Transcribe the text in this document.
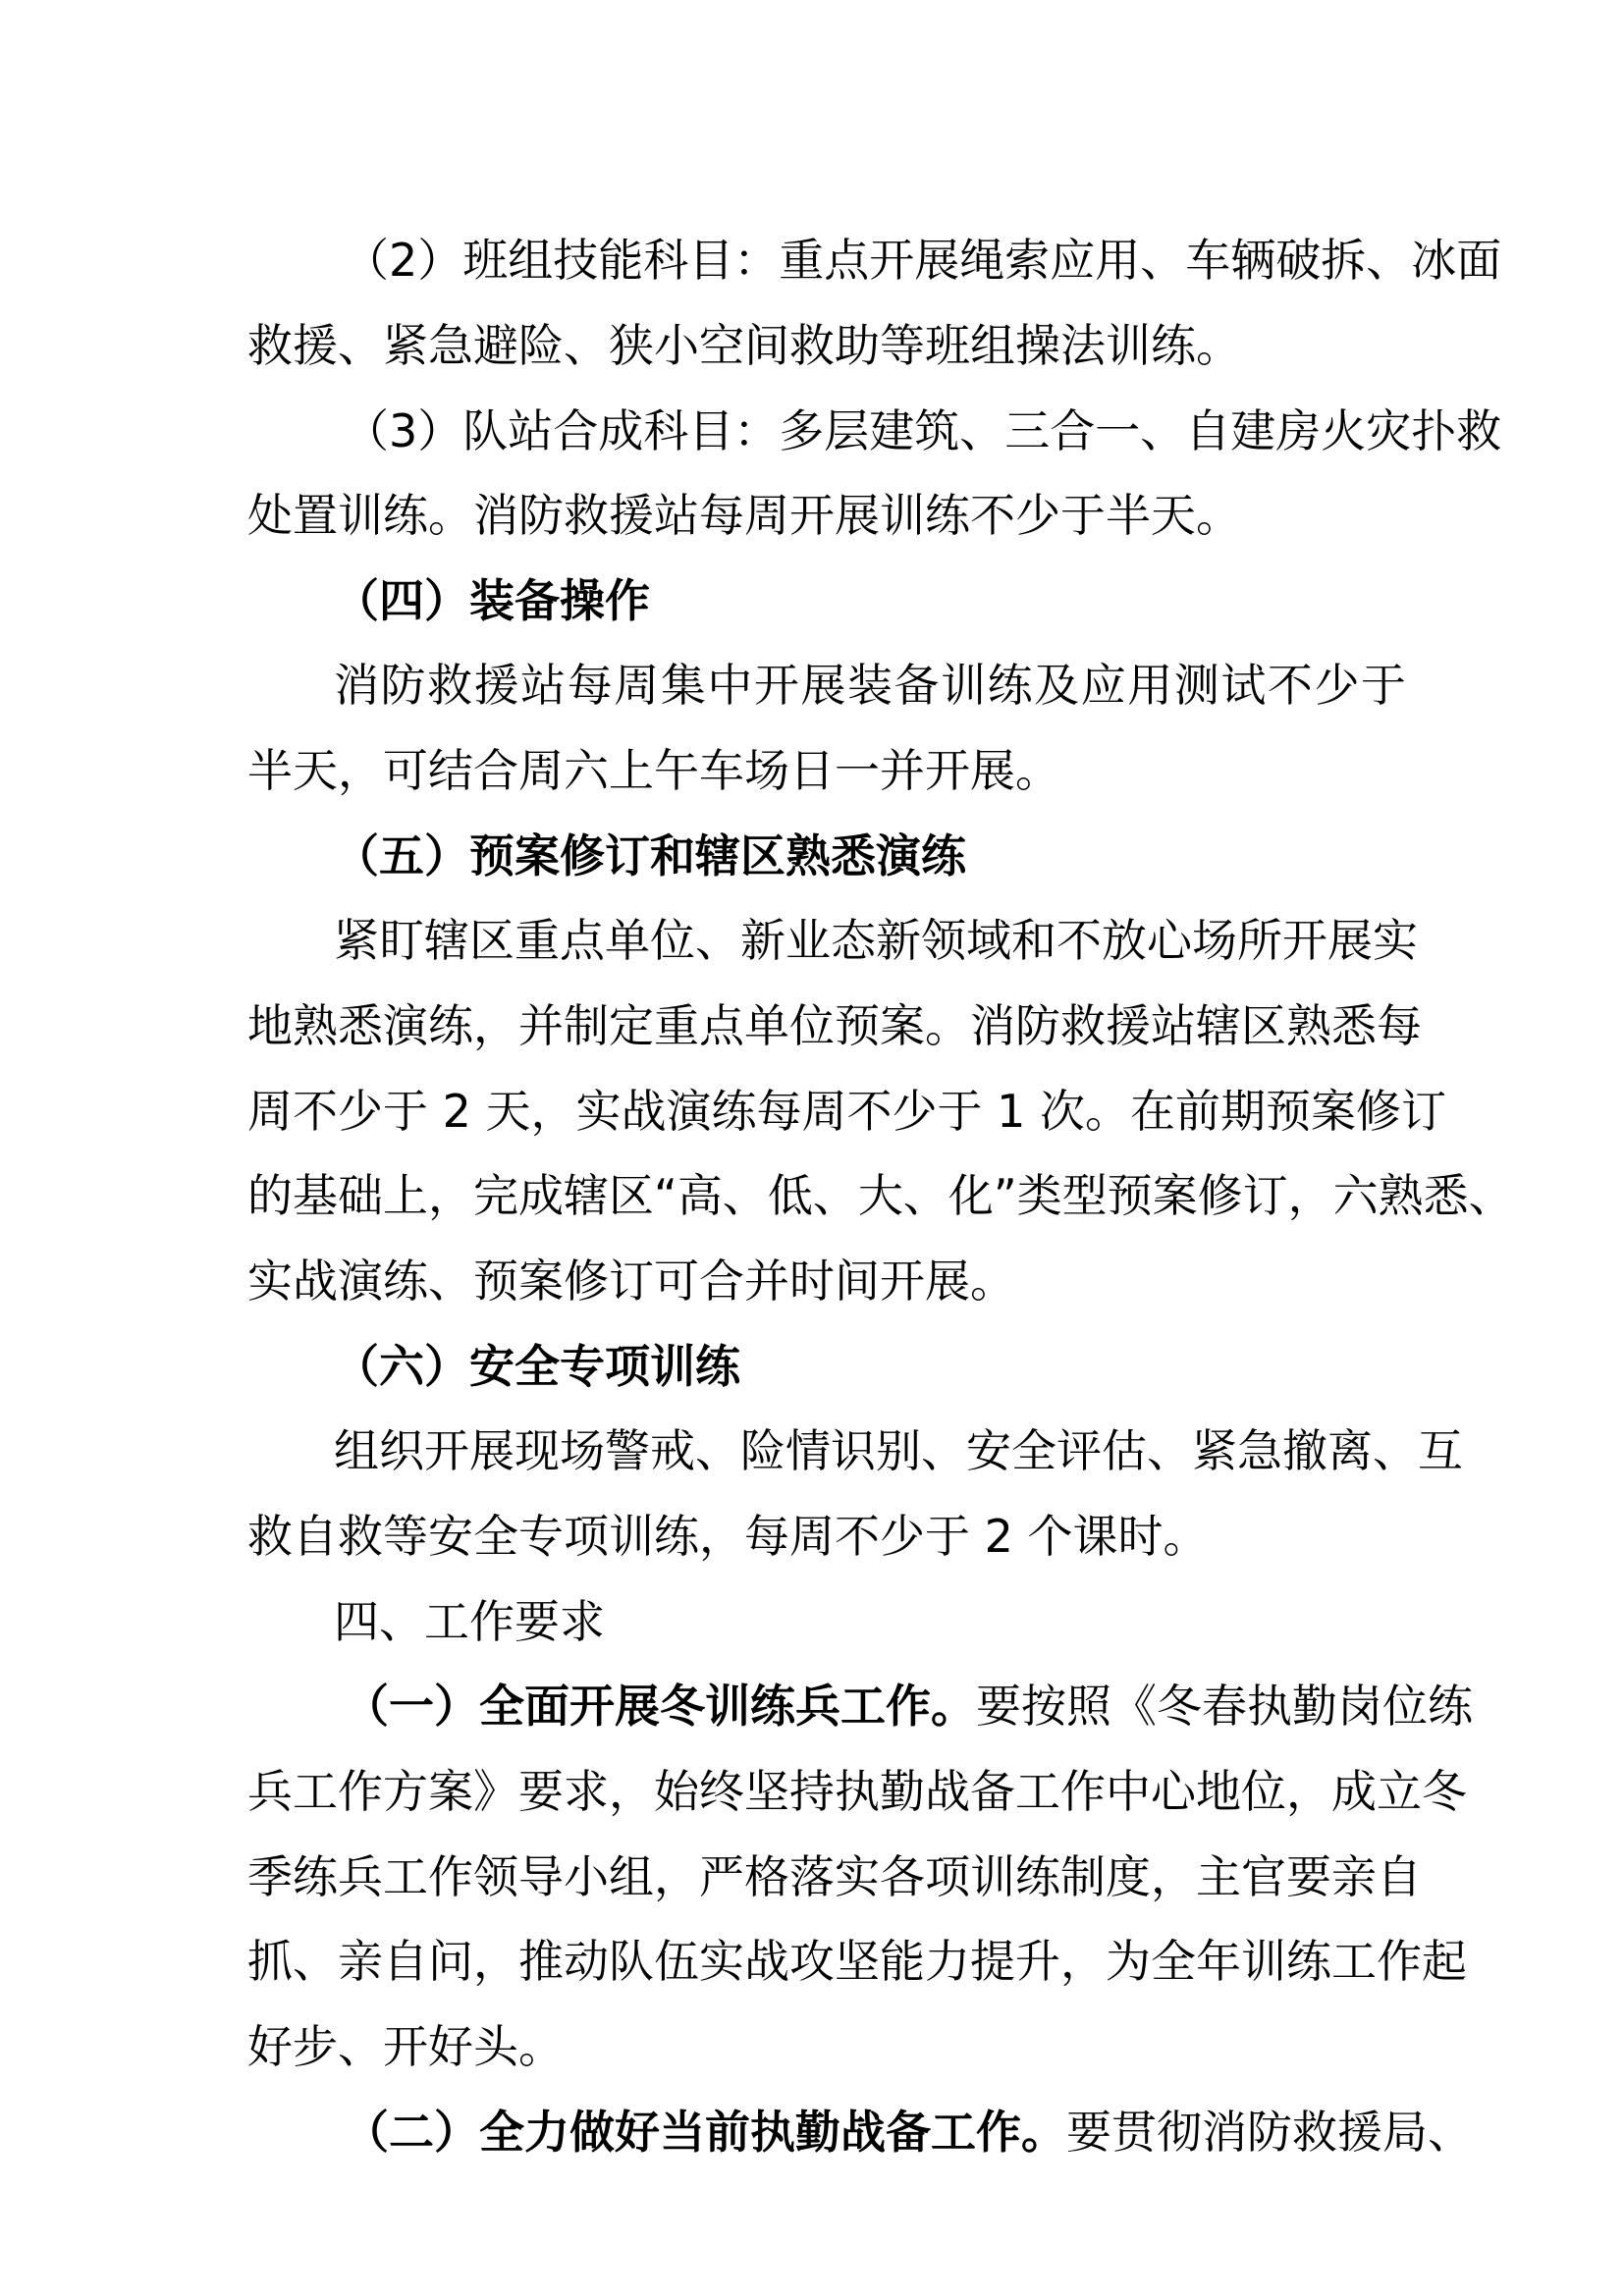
（2）班组技能科目：重点开展绳索应用、车辆破拆、冰面
救援、紧急避险、狭小空间救助等班组操法训练。
（3）队站合成科目：多层建筑、三合一、自建房火灾扑救
处置训练。消防救援站每周开展训练不少于半天。
（四）装备操作
消防救援站每周集中开展装备训练及应用测试不少于
半天，可结合周六上午车场日一并开展。
（五）预案修订和辖区熟悉演练
紧盯辖区重点单位、新业态新领域和不放心场所开展实
地熟悉演练，并制定重点单位预案。消防救援站辖区熟悉每
周不少于 2 天，实战演练每周不少于 1 次。在前期预案修订
的基础上，完成辖区“高、低、大、化”类型预案修订，六熟悉、
实战演练、预案修订可合并时间开展。
（六）安全专项训练
组织开展现场警戒、险情识别、安全评估、紧急撤离、互
救自救等安全专项训练，每周不少于 2 个课时。
四、工作要求
（一）全面开展冬训练兵工作。要按照《冬春执勤岗位练
兵工作方案》要求，始终坚持执勤战备工作中心地位，成立冬
季练兵工作领导小组，严格落实各项训练制度，主官要亲自
抓、亲自问，推动队伍实战攻坚能力提升，为全年训练工作起
好步、开好头。
（二）全力做好当前执勤战备工作。要贯彻消防救援局、
